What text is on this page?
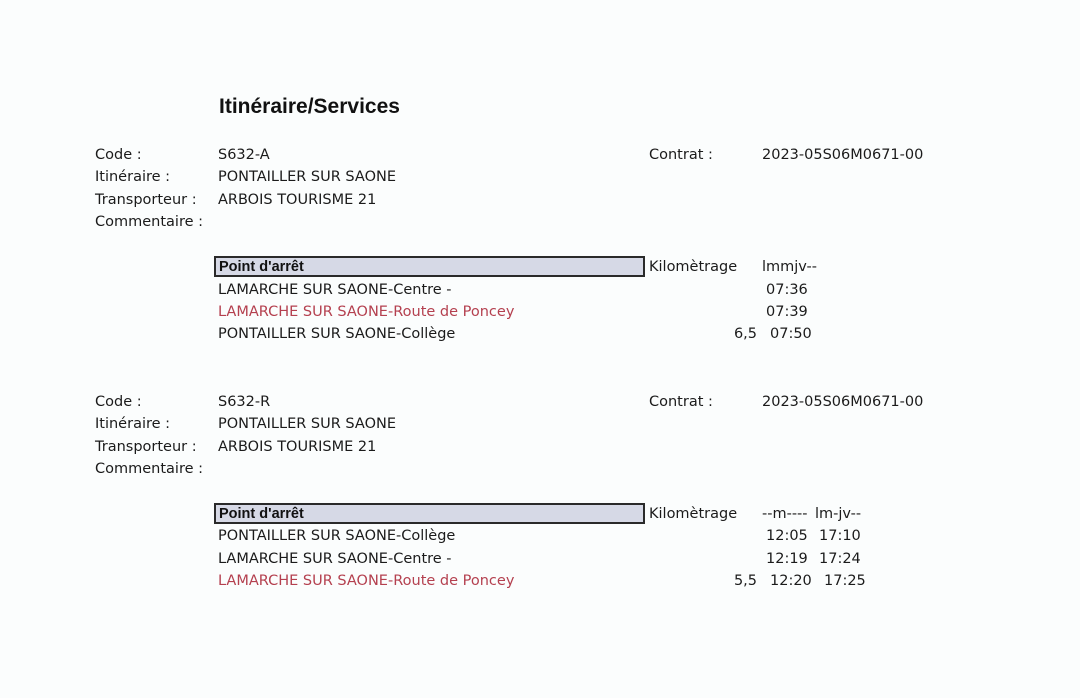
Itinéraire/Services
Code :	S632-A	Contrat :	2023-05S06M0671-00
Itinéraire :	PONTAILLER SUR SAONE
Transporteur : ARBOIS TOURISME 21
Commentaire :
Point d'arrêt	Kilomètrage lmmjv--
LAMARCHE SUR SAONE-Centre -	07:36
LAMARCHE SUR SAONE-Route de Poncey	07:39
PONTAILLER SUR SAONE-Collège	6,5 07:50
Code :	S632-R	Contrat :	2023-05S06M0671-00
Itinéraire :	PONTAILLER SUR SAONE
Transporteur : ARBOIS TOURISME 21
Commentaire :
Point d'arrêt	Kilomètrage --m---- lm-jv--
PONTAILLER SUR SAONE-Collège	12:05 17:10
LAMARCHE SUR SAONE-Centre -	12:19 17:24
LAMARCHE SUR SAONE-Route de Poncey	5,5 12:20 17:25
